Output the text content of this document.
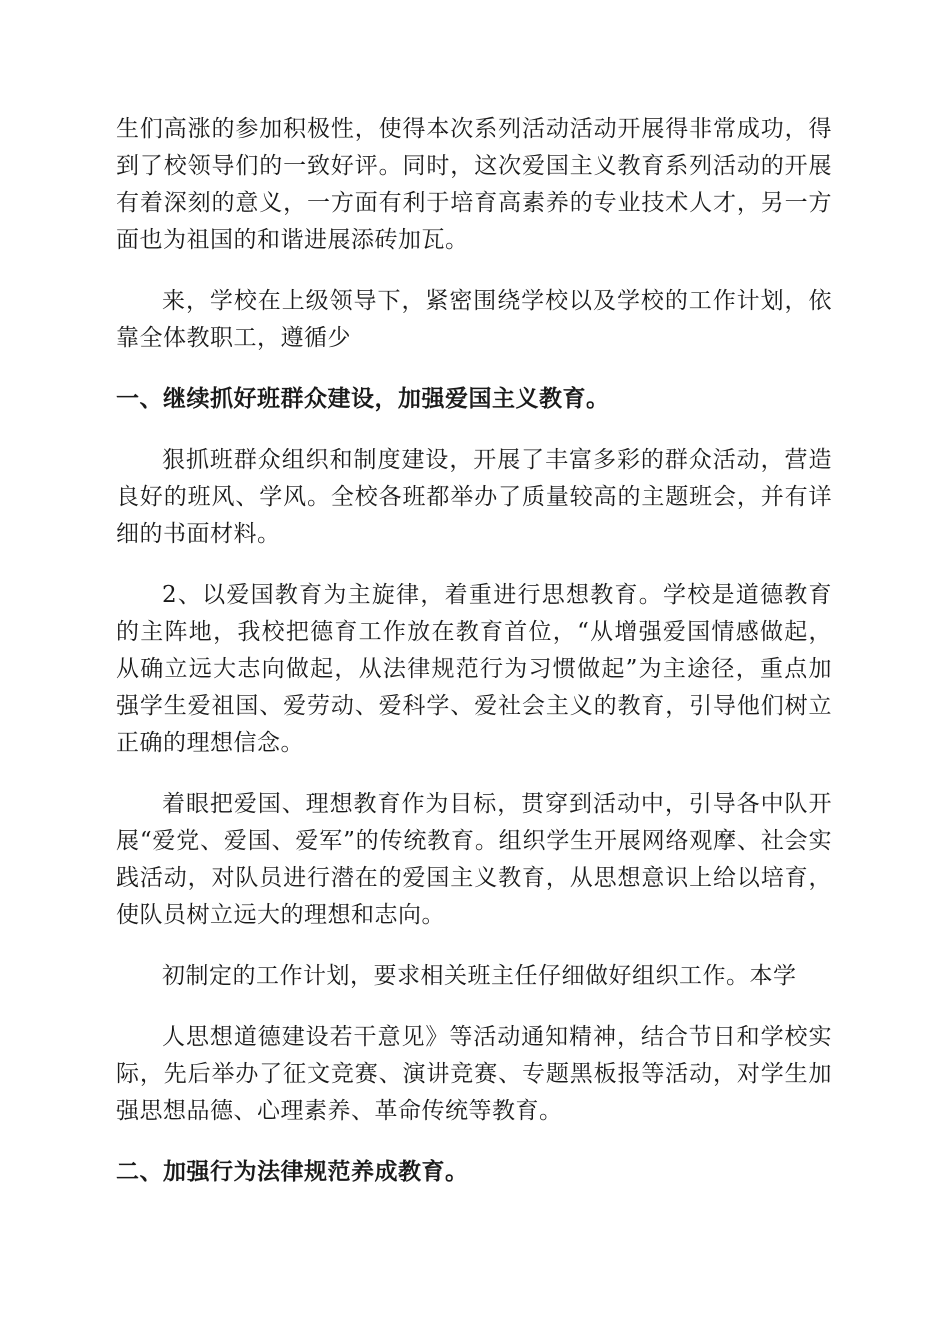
生们高涨的参加积极性，使得本次系列活动活动开展得非常成功，得到了校领导们的一致好评。同时，这次爱国主义教育系列活动的开展有着深刻的意义，一方面有利于培育高素养的专业技术人才，另一方面也为祖国的和谐进展添砖加瓦。

来，学校在上级领导下，紧密围绕学校以及学校的工作计划，依靠全体教职工，遵循少

一、继续抓好班群众建设，加强爱国主义教育。

狠抓班群众组织和制度建设，开展了丰富多彩的群众活动，营造良好的班风、学风。全校各班都举办了质量较高的主题班会，并有详细的书面材料。

2、以爱国教育为主旋律，着重进行思想教育。学校是道德教育的主阵地，我校把德育工作放在教育首位，“从增强爱国情感做起，从确立远大志向做起，从法律规范行为习惯做起”为主途径，重点加强学生爱祖国、爱劳动、爱科学、爱社会主义的教育，引导他们树立正确的理想信念。

着眼把爱国、理想教育作为目标，贯穿到活动中，引导各中队开展“爱党、爱国、爱军”的传统教育。组织学生开展网络观摩、社会实践活动，对队员进行潜在的爱国主义教育，从思想意识上给以培育，使队员树立远大的理想和志向。

初制定的工作计划，要求相关班主任仔细做好组织工作。本学

人思想道德建设若干意见》等活动通知精神，结合节日和学校实际，先后举办了征文竞赛、演讲竞赛、专题黑板报等活动，对学生加强思想品德、心理素养、革命传统等教育。

二、加强行为法律规范养成教育。
